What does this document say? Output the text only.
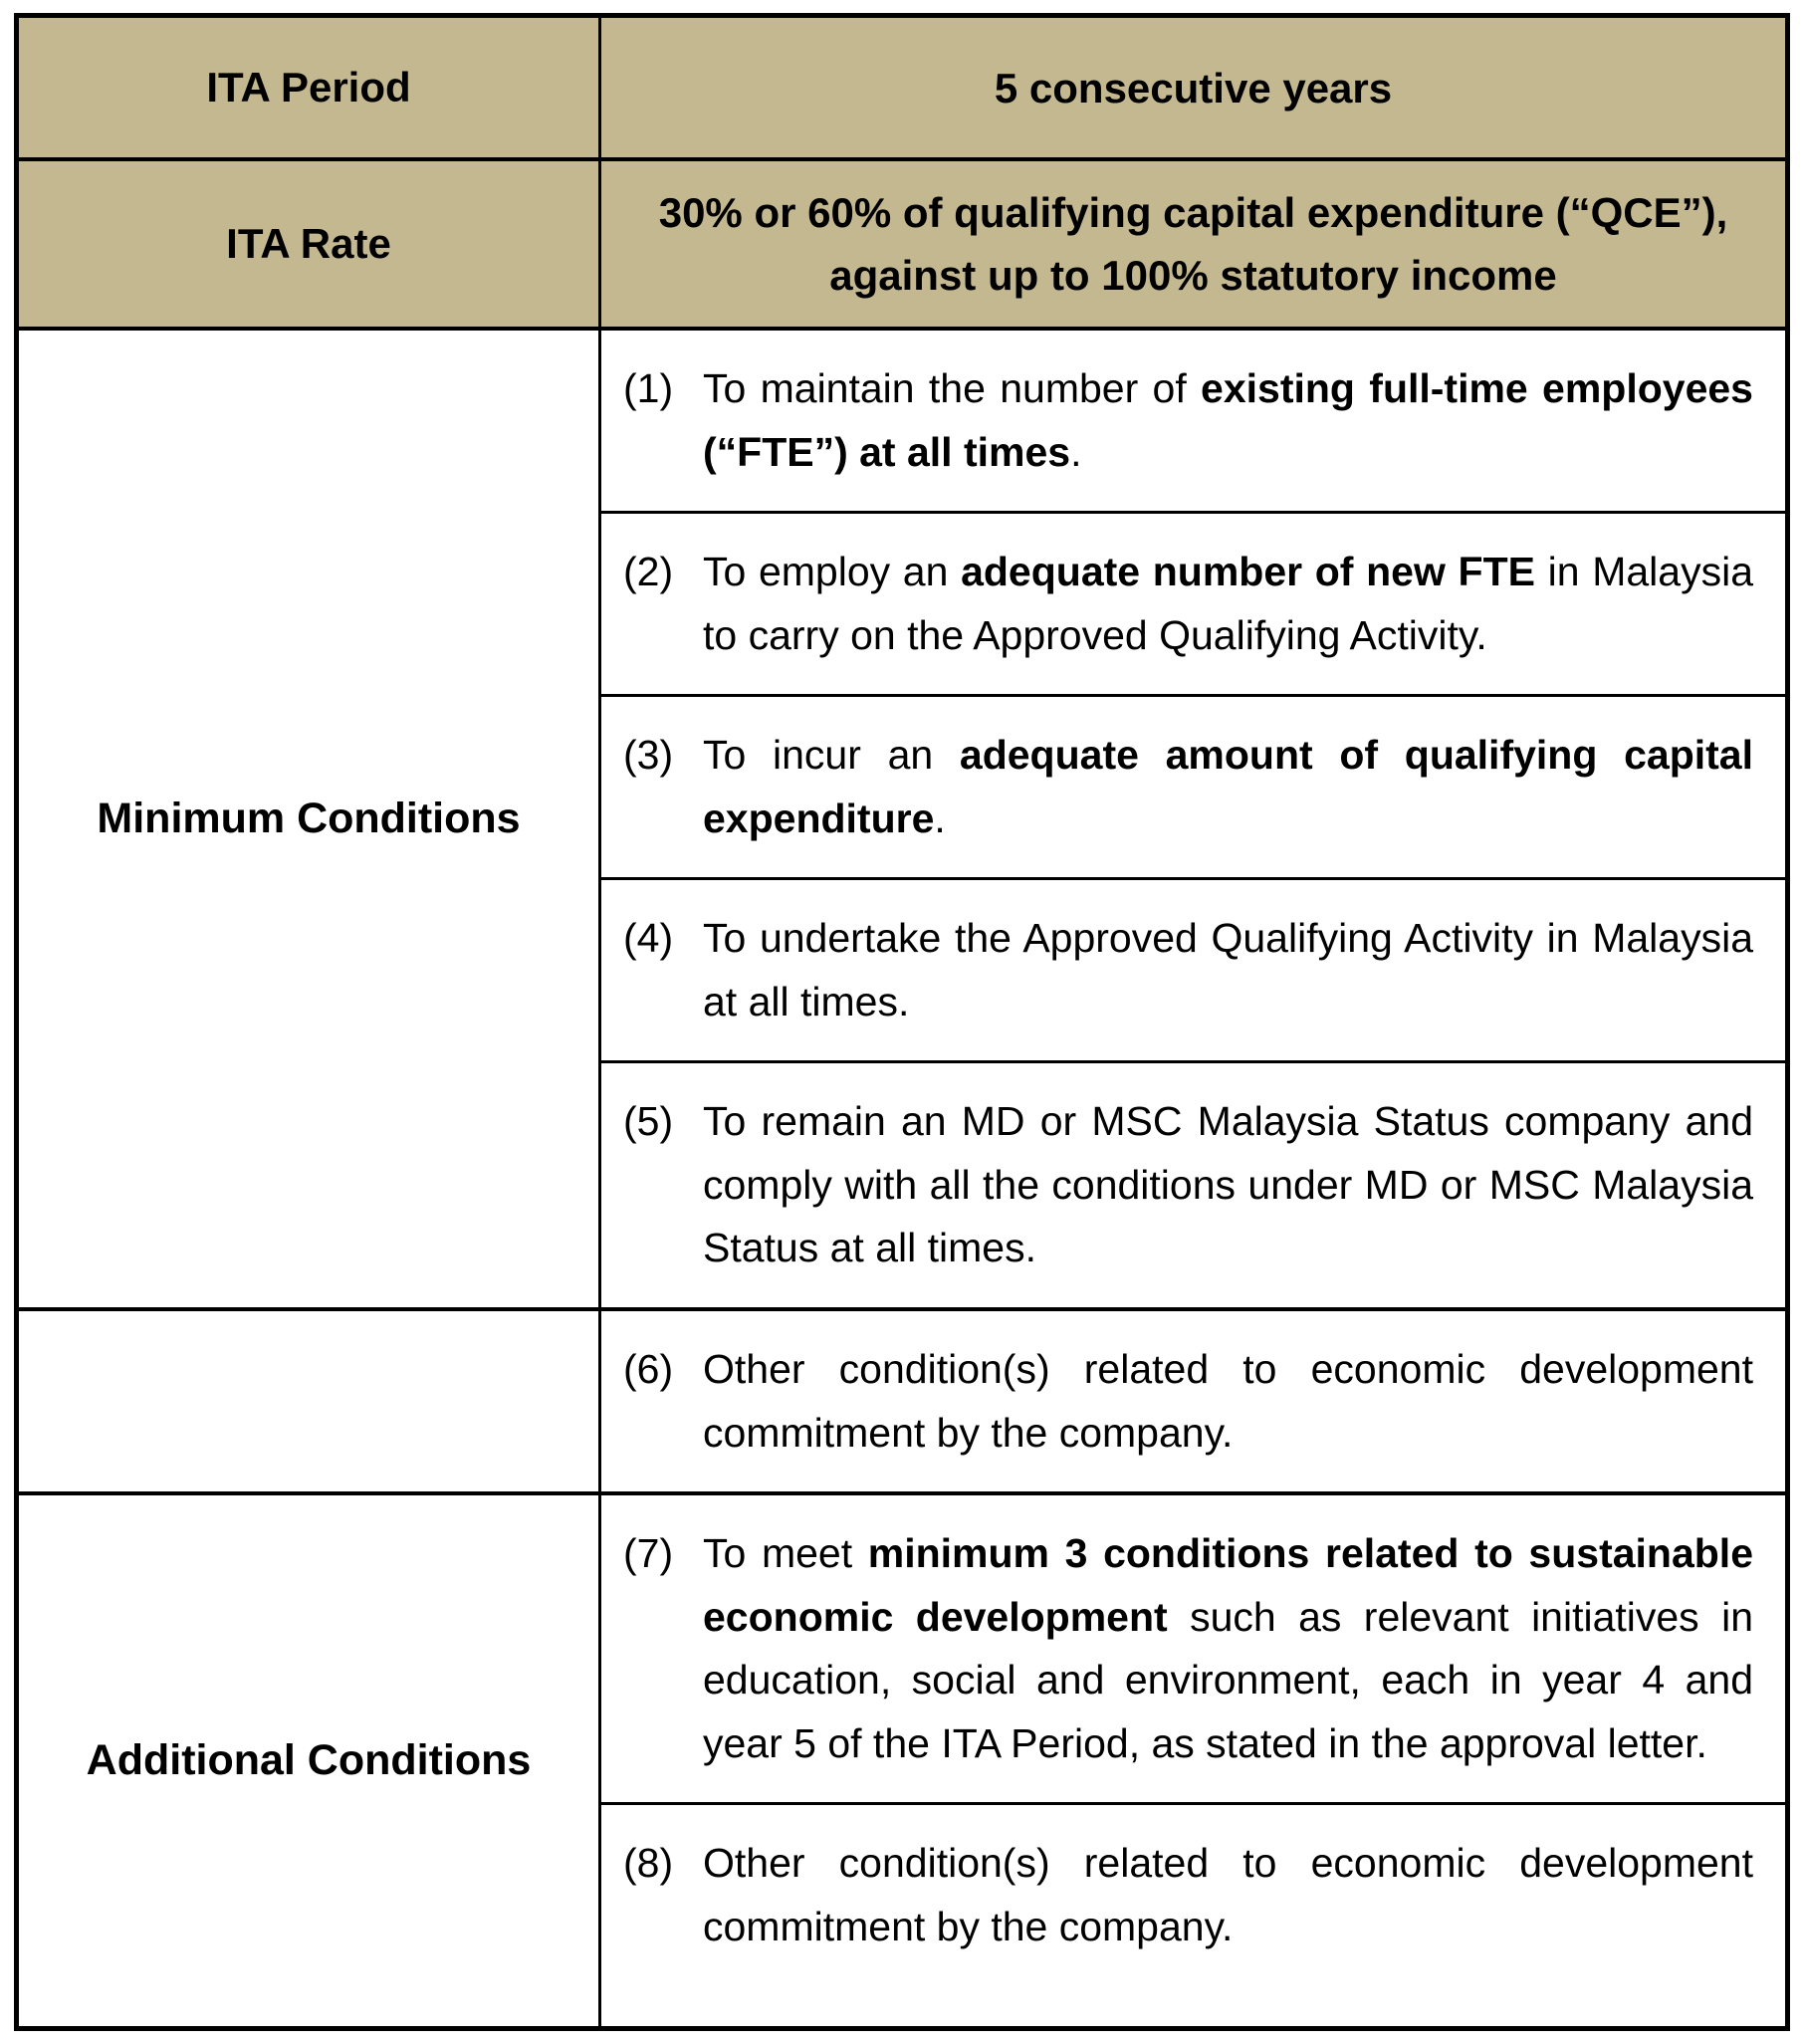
ITA Period	5 consecutive years
ITA Rate
30% or 60% of qualifying capital expenditure (“QCE”), against up to 100% statutory income
Minimum Conditions
(1) To maintain the number of existing full-time employees (“FTE”) at all times.
(2) To employ an adequate number of new FTE in Malaysia to carry on the Approved Qualifying Activity.
(3) To incur an adequate amount of qualifying capital expenditure.
(4) To undertake the Approved Qualifying Activity in Malaysia at all times.
(5) To remain an MD or MSC Malaysia Status company and comply with all the conditions under MD or MSC Malaysia Status at all times.
(6) Other condition(s) related to economic development commitment by the company.
Additional Conditions
(7) To meet minimum 3 conditions related to sustainable economic development such as relevant initiatives in education, social and environment, each in year 4 and year 5 of the ITA Period, as stated in the approval letter.
(8) Other condition(s) related to economic development commitment by the company.
